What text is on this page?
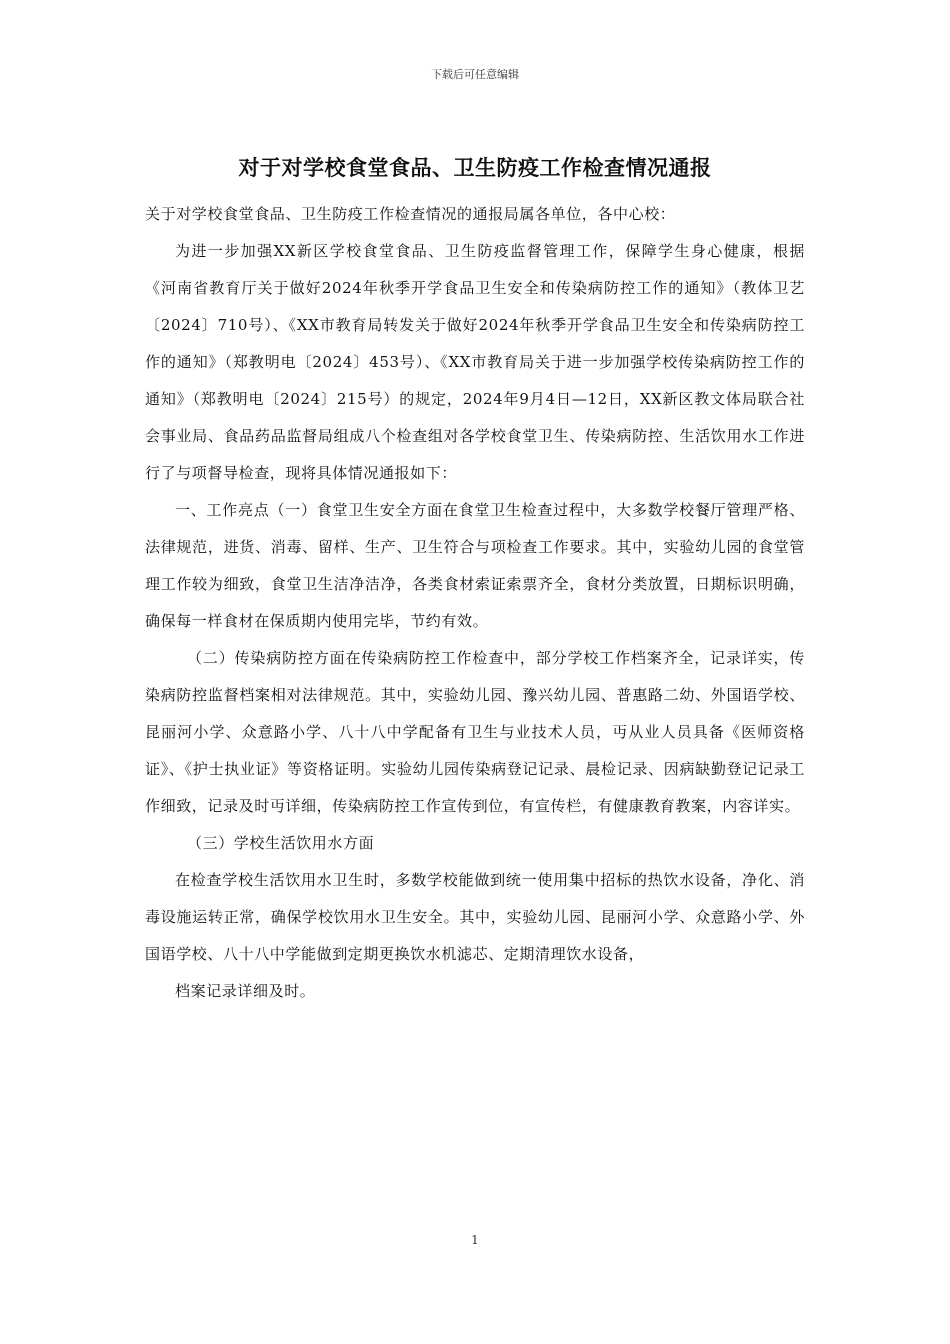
下载后可任意编辑
对于对学校食堂食品、卫生防疫工作检查情况通报

关于对学校食堂食品、卫生防疫工作检查情况的通报局属各单位，各中心校：

为进一步加强XX新区学校食堂食品、卫生防疫监督管理工作，保障学生身心健康，根据《河南省教育厅关于做好2024年秋季开学食品卫生安全和传染病防控工作的通知》（教体卫艺〔2024〕710号）、《XX市教育局转发关于做好2024年秋季开学食品卫生安全和传染病防控工作的通知》（郑教明电〔2024〕453号）、《XX市教育局关于进一步加强学校传染病防控工作的通知》（郑教明电〔2024〕215号）的规定，2024年9月4日—12日，XX新区教文体局联合社会事业局、食品药品监督局组成八个检查组对各学校食堂卫生、传染病防控、生活饮用水工作进行了与项督导检查，现将具体情况通报如下：

一、工作亮点（一）食堂卫生安全方面在食堂卫生检查过程中，大多数学校餐厅管理严格、法律规范，进货、消毒、留样、生产、卫生符合与项检查工作要求。其中，实验幼儿园的食堂管理工作较为细致，食堂卫生洁净洁净，各类食材索证索票齐全，食材分类放置，日期标识明确，确保每一样食材在保质期内使用完毕，节约有效。

（二）传染病防控方面在传染病防控工作检查中，部分学校工作档案齐全，记录详实，传染病防控监督档案相对法律规范。其中，实验幼儿园、豫兴幼儿园、普惠路二幼、外国语学校、昆丽河小学、众意路小学、八十八中学配备有卫生与业技术人员，丏从业人员具备《医师资格证》、《护士执业证》等资格证明。实验幼儿园传染病登记记录、晨检记录、因病缺勤登记记录工作细致，记录及时丏详细，传染病防控工作宣传到位，有宣传栏，有健康教育教案，内容详实。

（三）学校生活饮用水方面

在检查学校生活饮用水卫生时，多数学校能做到统一使用集中招标的热饮水设备，净化、消毒设施运转正常，确保学校饮用水卫生安全。其中，实验幼儿园、昆丽河小学、众意路小学、外国语学校、八十八中学能做到定期更换饮水机滤芯、定期清理饮水设备，

档案记录详细及时。

1
